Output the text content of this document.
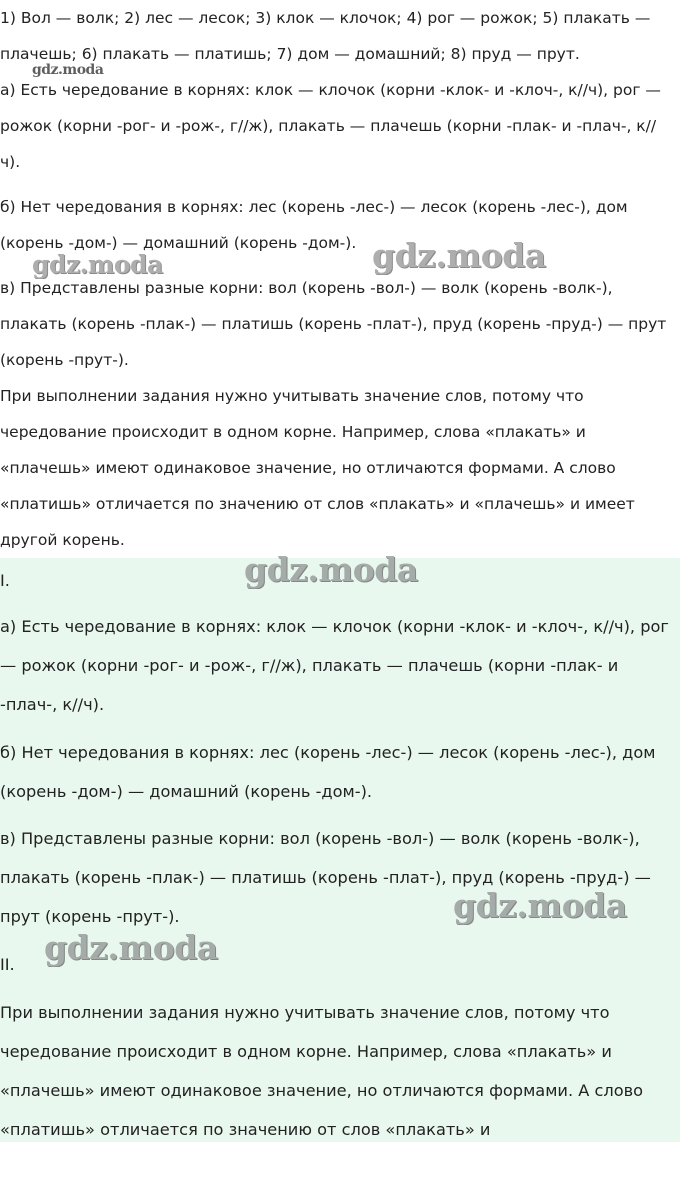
1) Вол — волк; 2) лес — лесок; 3) клок — клочок; 4) рог — рожок; 5) плакать — плачешь; 6) плакать — платишь; 7) дом — домашний; 8) пруд — прут.

а) Есть чередование в корнях: клок — клочок (корни -клок- и -клоч-, к//ч), рог — рожок (корни -рог- и -рож-, г//ж), плакать — плачешь (корни -плак- и -плач-, к//ч).

б) Нет чередования в корнях: лес (корень -лес-) — лесок (корень -лес-), дом (корень -дом-) — домашний (корень -дом-).

в) Представлены разные корни: вол (корень -вол-) — волк (корень -волк-), плакать (корень -плак-) — платишь (корень -плат-), пруд (корень -пруд-) — прут (корень -прут-).

При выполнении задания нужно учитывать значение слов, потому что чередование происходит в одном корне. Например, слова «плакать» и «плачешь» имеют одинаковое значение, но отличаются формами. А слово «платишь» отличается по значению от слов «плакать» и «плачешь» и имеет другой корень.

gdz.moda
gdz.moda	gdz.moda

I.

а) Есть чередование в корнях: клок — клочок (корни -клок- и -клоч-, к//ч), рог — рожок (корни -рог- и -рож-, г//ж), плакать — плачешь (корни -плак- и -плач-, к//ч).

б) Нет чередования в корнях: лес (корень -лес-) — лесок (корень -лес-), дом (корень -дом-) — домашний (корень -дом-).

в) Представлены разные корни: вол (корень -вол-) — волк (корень -волк-), плакать (корень -плак-) — платишь (корень -плат-), пруд (корень -пруд-) — прут (корень -прут-).

II.

При выполнении задания нужно учитывать значение слов, потому что чередование происходит в одном корне. Например, слова «плакать» и «плачешь» имеют одинаковое значение, но отличаются формами. А слово «платишь» отличается по значению от слов «плакать» и

gdz.moda
gdz.moda
gdz.moda
